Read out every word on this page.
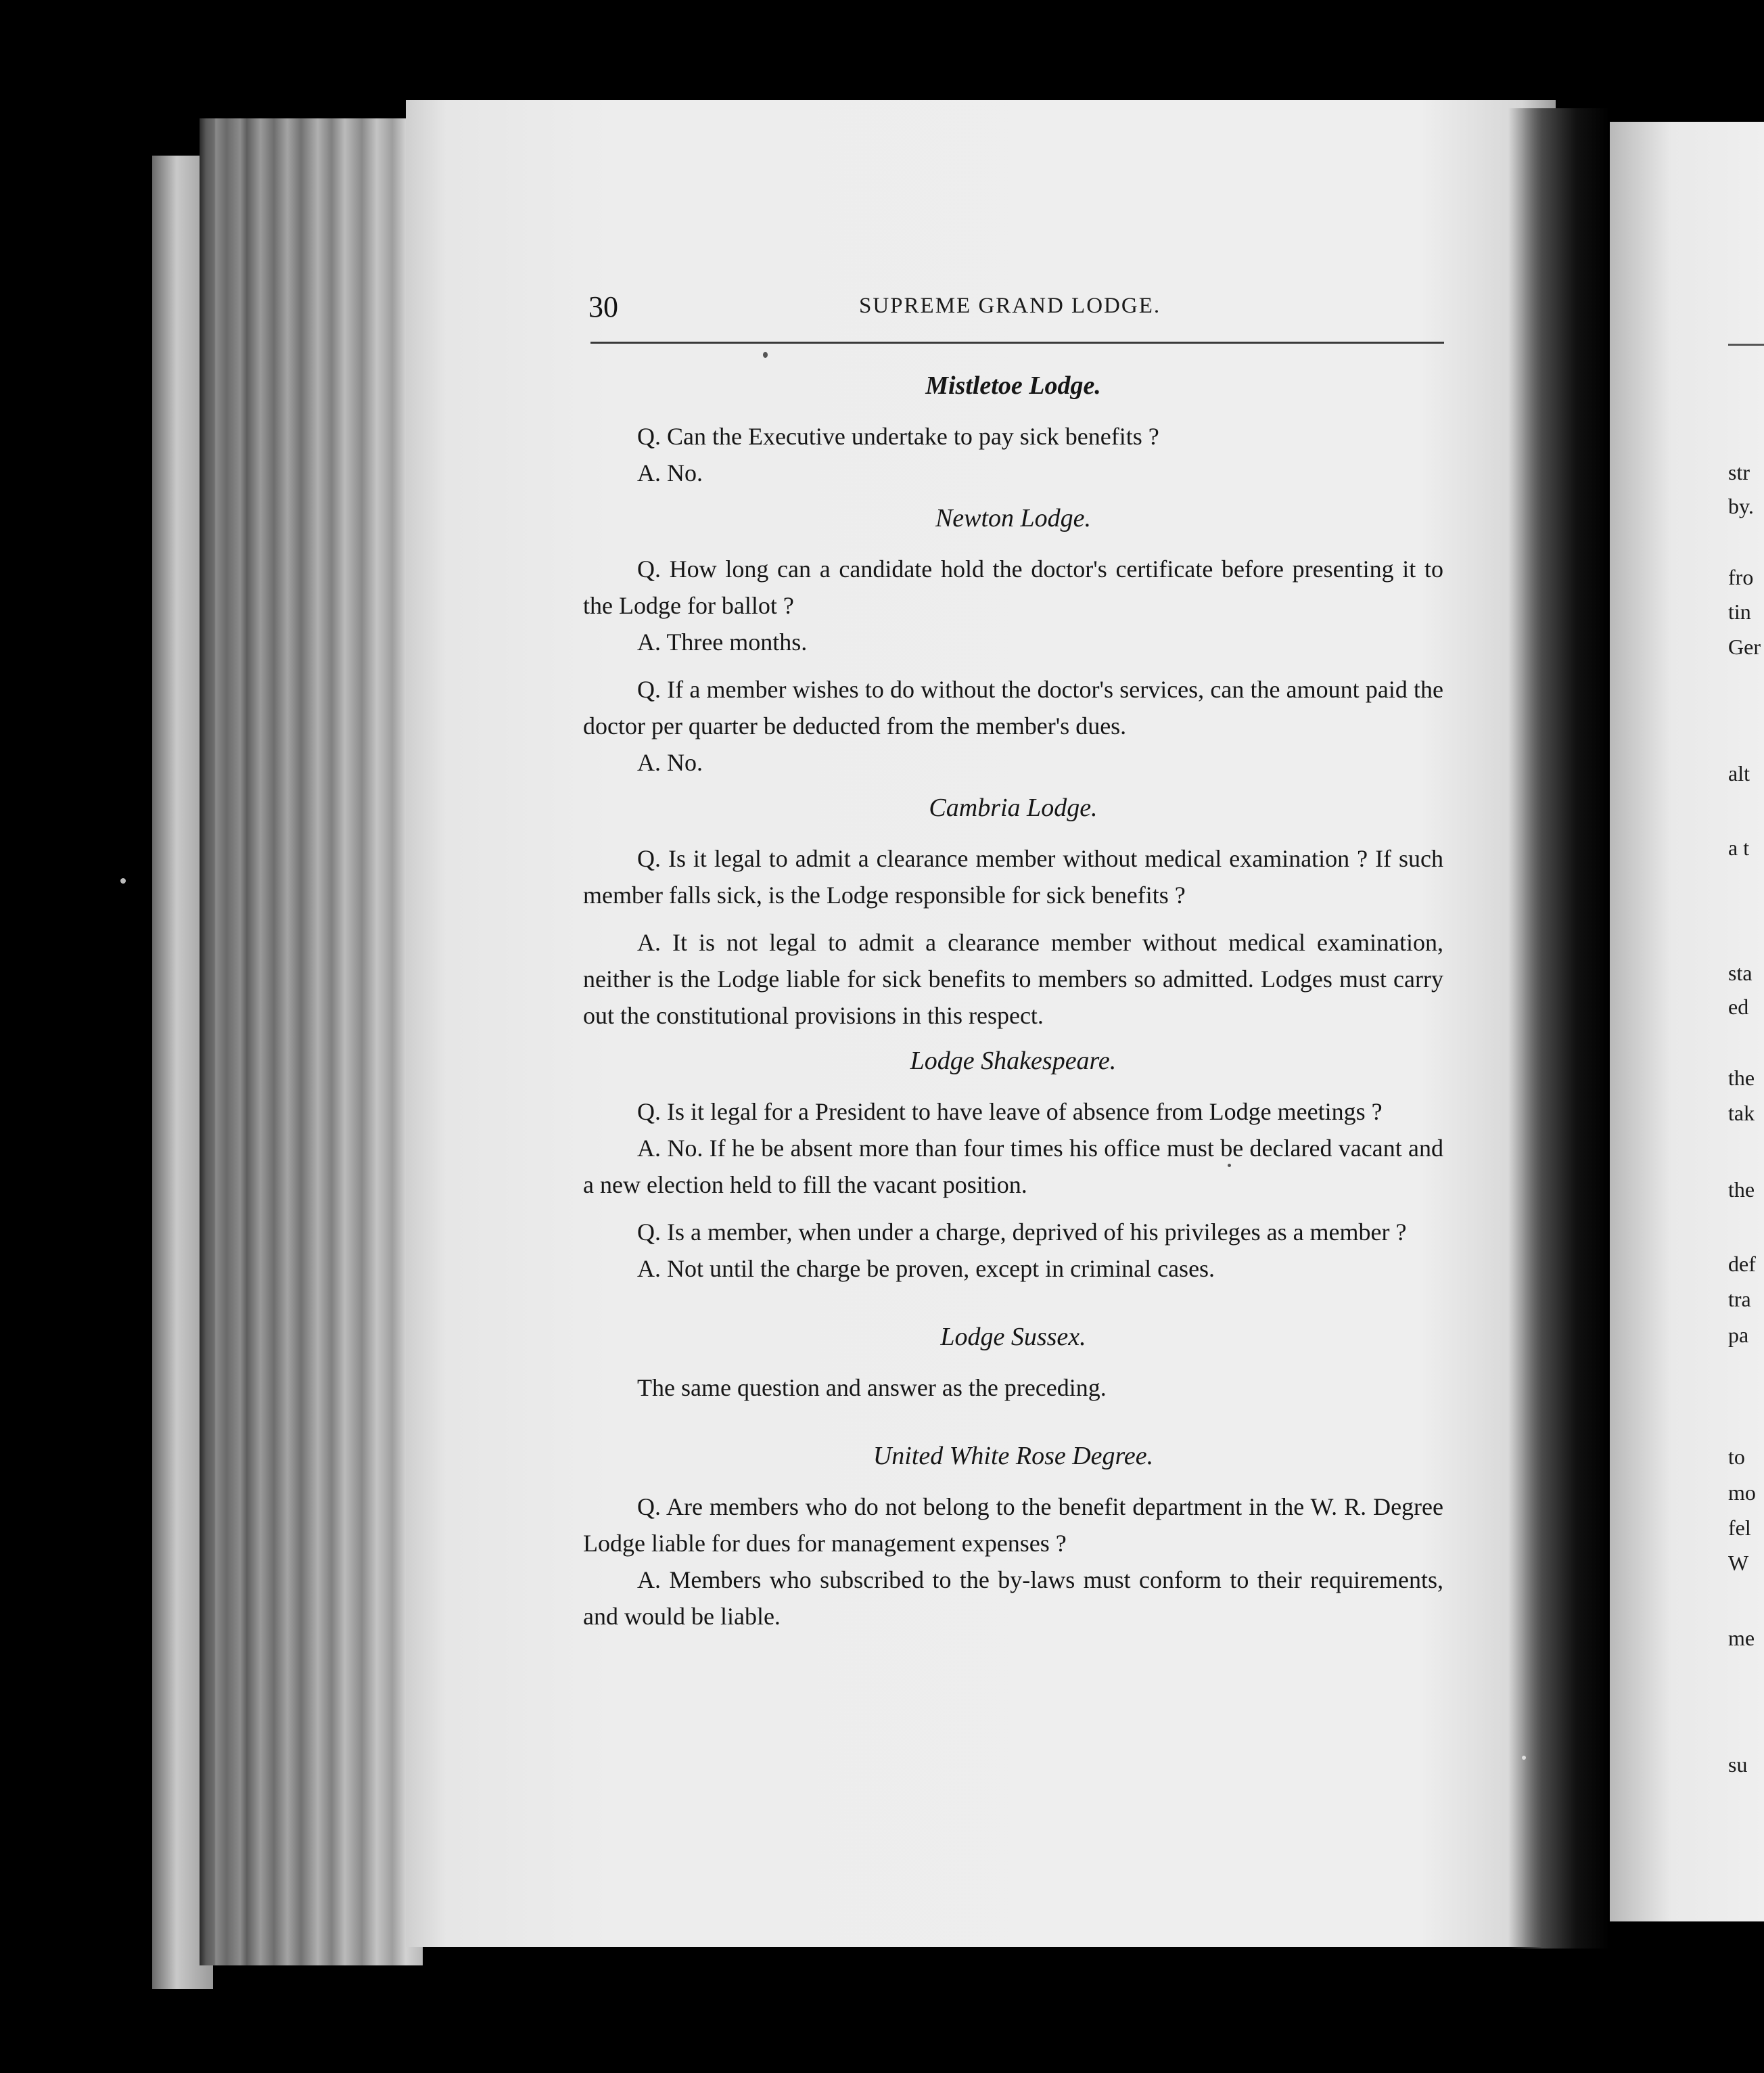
str
by.
fro
tin
Ger
alt
a t
sta
ed
the
tak
the
def
tra
pa
to
mo
fel
W
me
su
30	SUPREME GRAND LODGE.
Mistletoe Lodge.

Q. Can the Executive undertake to pay sick benefits ?

A. No.

Newton Lodge.

Q. How long can a candidate hold the doctor's certificate before presenting it to the Lodge for ballot ?

A. Three months.

Q. If a member wishes to do without the doctor's services, can the amount paid the doctor per quarter be deducted from the member's dues.

A. No.

Cambria Lodge.

Q. Is it legal to admit a clearance member without medical examination ? If such member falls sick, is the Lodge responsible for sick benefits ?

A. It is not legal to admit a clearance member without medical examination, neither is the Lodge liable for sick benefits to members so admitted. Lodges must carry out the constitutional provisions in this respect.

Lodge Shakespeare.

Q. Is it legal for a President to have leave of absence from Lodge meetings ?

A. No. If he be absent more than four times his office must be declared vacant and a new election held to fill the vacant position.

Q. Is a member, when under a charge, deprived of his privileges as a member ?

A. Not until the charge be proven, except in criminal cases.

Lodge Sussex.

The same question and answer as the preceding.

United White Rose Degree.

Q. Are members who do not belong to the benefit department in the W. R. Degree Lodge liable for dues for management expenses ?

A. Members who subscribed to the by-laws must conform to their requirements, and would be liable.
